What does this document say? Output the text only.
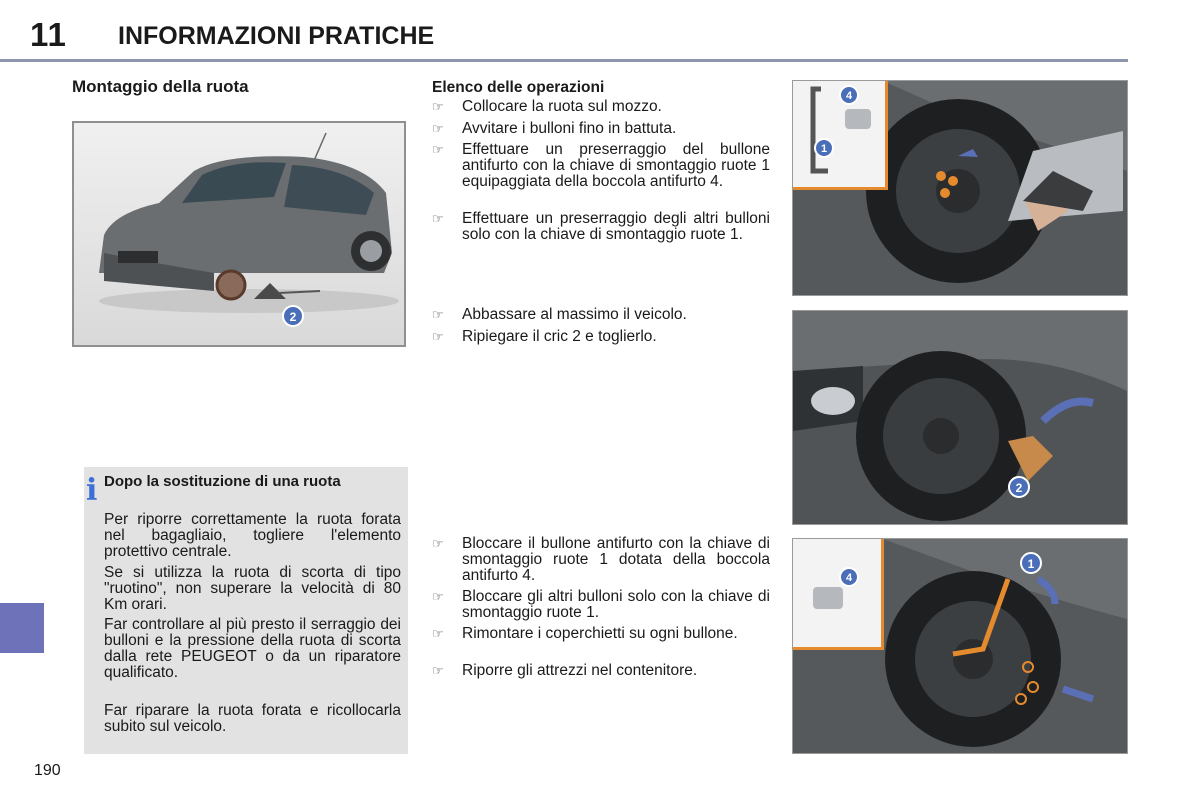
11 INFORMAZIONI PRATICHE
190
Montaggio della ruota
2
i Dopo la sostituzione di una ruota
Per riporre correttamente la ruota forata nel bagagliaio, togliere l'elemento protettivo centrale.
Se si utilizza la ruota di scorta di tipo "ruotino", non superare la velocità di 80 Km orari.
Far controllare al più presto il serraggio dei bulloni e la pressione della ruota di scorta dalla rete PEUGEOT o da un riparatore qualificato.
Far riparare la ruota forata e ricollocarla subito sul veicolo.
Elenco delle operazioni
☞ Collocare la ruota sul mozzo.
☞ Avvitare i bulloni fino in battuta.
☞ Effettuare un preserraggio del bullone antifurto con la chiave di smontaggio ruote 1 equipaggiata della boccola antifurto 4.
☞ Effettuare un preserraggio degli altri bulloni solo con la chiave di smontaggio ruote 1.
☞ Abbassare al massimo il veicolo.
☞ Ripiegare il cric 2 e toglierlo.
☞ Bloccare il bullone antifurto con la chiave di smontaggio ruote 1 dotata della boccola antifurto 4.
☞ Bloccare gli altri bulloni solo con la chiave di smontaggio ruote 1.
☞ Rimontare i coperchietti su ogni bullone.
☞ Riporre gli attrezzi nel contenitore.
4
1
2
1
4
